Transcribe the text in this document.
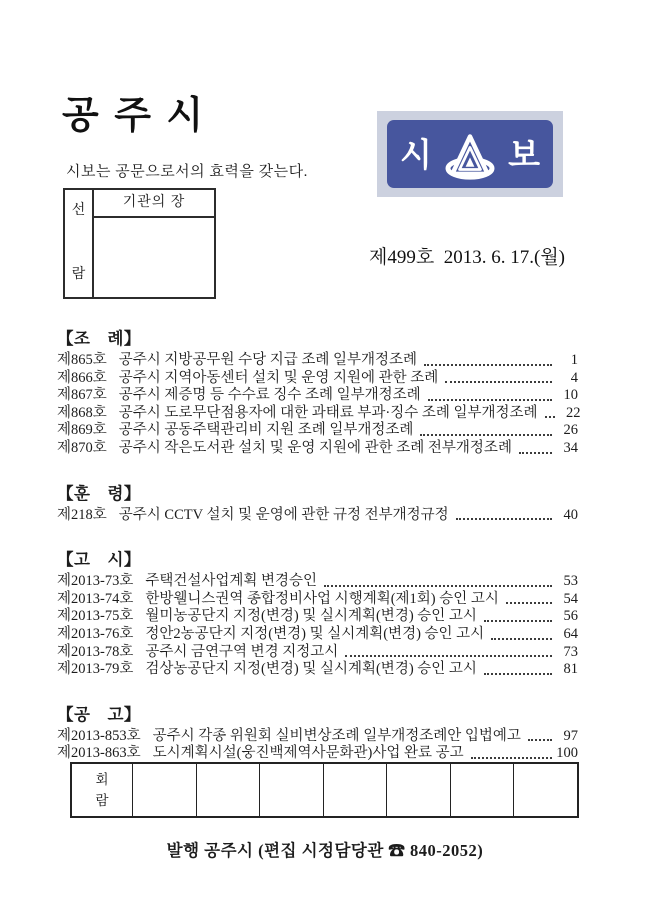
공 주 시
시보는 공문으로서의 효력을 갖는다.
선
람
기관의 장
시 보
제499호  2013. 6. 17.(월)
【조　례】
제865호 공주시 지방공무원 수당 지급 조례 일부개정조례	1
제866호 공주시 지역아동센터 설치 및 운영 지원에 관한 조례	4
제867호 공주시 제증명 등 수수료 징수 조례 일부개정조례	10
제868호 공주시 도로무단점용자에 대한 과태료 부과·징수 조례 일부개정조례	22
제869호 공주시 공동주택관리비 지원 조례 일부개정조례	26
제870호 공주시 작은도서관 설치 및 운영 지원에 관한 조례 전부개정조례	34
【훈　령】
제218호 공주시 CCTV 설치 및 운영에 관한 규정 전부개정규정	40
【고　시】
제2013-73호 주택건설사업계획 변경승인	53
제2013-74호 한방웰니스권역 종합정비사업 시행계획(제1회) 승인 고시	54
제2013-75호 월미농공단지 지정(변경) 및 실시계획(변경) 승인 고시	56
제2013-76호 정안2농공단지 지정(변경) 및 실시계획(변경) 승인 고시	64
제2013-78호 공주시 금연구역 변경 지정고시	73
제2013-79호 검상농공단지 지정(변경) 및 실시계획(변경) 승인 고시	81
【공　고】
제2013-853호 공주시 각종 위원회 실비변상조례 일부개정조례안 입법예고	97
제2013-863호 도시계획시설(웅진백제역사문화관)사업 완료 공고	100
회
람
발행 공주시 (편집 시정담당관 ☎ 840-2052)
